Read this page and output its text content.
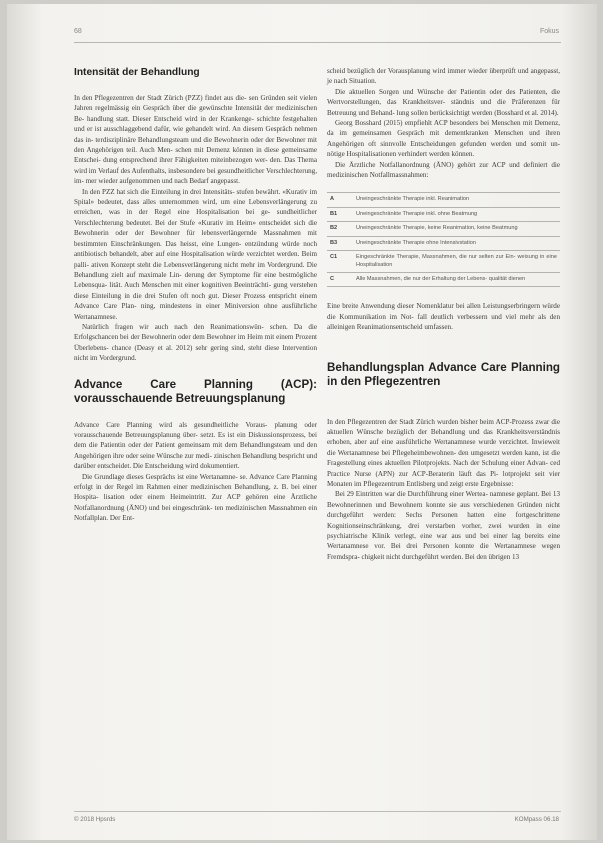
68	Fokus
Intensität der Behandlung

In den Pflegezentren der Stadt Zürich (PZZ) findet aus die- sen Gründen seit vielen Jahren regelmässig ein Gespräch über die gewünschte Intensität der medizinischen Be- handlung statt. Dieser Entscheid wird in der Krankenge- schichte festgehalten und er ist ausschlaggebend dafür, wie gehandelt wird. An diesem Gespräch nehmen das in- terdisziplinäre Behandlungsteam und die Bewohnerin oder der Bewohner mit den Angehörigen teil. Auch Men- schen mit Demenz können in diese gemeinsame Entschei- dung entsprechend ihrer Fähigkeiten miteinbezogen wer- den. Das Thema wird im Verlauf des Aufenthalts, insbesondere bei gesundheitlicher Verschlechterung, im- mer wieder aufgenommen und nach Bedarf angepasst.

In den PZZ hat sich die Einteilung in drei Intensitäts- stufen bewährt. «Kurativ im Spital» bedeutet, dass alles unternommen wird, um eine Lebensverlängerung zu erreichen, was in der Regel eine Hospitalisation bei ge- sundheitlicher Verschlechterung bedeutet. Bei der Stufe «Kurativ im Heim» entscheidet sich die Bewohnerin oder der Bewohner für lebensverlängernde Massnahmen mit bestimmten Einschränkungen. Das heisst, eine Lungen- entzündung würde noch antibiotisch behandelt, aber auf eine Hospitalisation würde verzichtet werden. Beim palli- ativen Konzept steht die Lebensverlängerung nicht mehr im Vordergrund. Die Behandlung zielt auf maximale Lin- derung der Symptome für eine bestmögliche Lebensqua- lität. Auch Menschen mit einer kognitiven Beeinträchti- gung verstehen diese Einteilung in die drei Stufen oft noch gut. Dieser Prozess entspricht einem Advance Care Plan- ning, mindestens in einer Miniversion ohne ausführliche Wertanamnese.

Natürlich fragen wir auch nach den Reanimationswün- schen. Da die Erfolgschancen bei der Bewohnerin oder dem Bewohner im Heim mit einem Prozent Überlebens- chance (Deasy et al. 2012) sehr gering sind, steht diese Intervention nicht im Vordergrund.

Advance Care Planning (ACP): vorausschauende Betreuungsplanung

Advance Care Planning wird als gesundheitliche Voraus- planung oder vorausschauende Betreuungsplanung über- setzt. Es ist ein Diskussionsprozess, bei dem die Patientin oder der Patient gemeinsam mit dem Behandlungsteam und den Angehörigen ihre oder seine Wünsche zur medi- zinischen Behandlung bespricht und darüber entscheidet. Die Entscheidung wird dokumentiert.

Die Grundlage dieses Gesprächs ist eine Wertanamne- se. Advance Care Planning erfolgt in der Regel im Rahmen einer medizinischen Behandlung, z. B. bei einer Hospita- lisation oder einem Heimeintritt. Zur ACP gehören eine Ärztliche Notfallanordnung (ÄNO) und bei eingeschränk- ten medizinischen Massnahmen ein Notfallplan. Der Ent-

scheid bezüglich der Vorausplanung wird immer wieder überprüft und angepasst, je nach Situation.

Die aktuellen Sorgen und Wünsche der Patientin oder des Patienten, die Wertvorstellungen, das Krankheitsver- ständnis und die Präferenzen für Betreuung und Behand- lung sollen berücksichtigt werden (Bosshard et al. 2014).

Georg Bosshard (2015) empfiehlt ACP besonders bei Menschen mit Demenz, da im gemeinsamen Gespräch mit dementkranken Menschen und ihren Angehörigen oft sinnvolle Entscheidungen gefunden werden und somit un- nötige Hospitalisationen verhindert werden können.

Die Ärztliche Notfallanordnung (ÄNO) gehört zur ACP und definiert die medizinischen Notfallmassnahmen:

A	Uneingeschränkte Therapie inkl. Reanimation
B1	Uneingeschränkte Therapie inkl. ohne Beatmung
B2	Uneingeschränkte Therapie, keine Reanimation, keine Beatmung
B3	Uneingeschränkte Therapie ohne Intensivstation
C1	Eingeschränkte Therapie, Massnahmen, die nur selten zur Ein- weisung in eine Hospitalisation
C	Alle Massnahmen, die nur der Erhaltung der Lebens- qualität dienen

Eine breite Anwendung dieser Nomenklatur bei allen Leistungserbringern würde die Kommunikation im Not- fall deutlich verbessern und viel mehr als den alleinigen Reanimationsentscheid umfassen.

Behandlungsplan Advance Care Planning in den Pflegezentren

In den Pflegezentren der Stadt Zürich wurden bisher beim ACP-Prozess zwar die aktuellen Wünsche bezüglich der Behandlung und das Krankheitsverständnis erhoben, aber auf eine ausführliche Wertanamnese wurde verzichtet. Inwieweit die Wertanamnese bei Pflegeheimbewohnen- den umgesetzt werden kann, ist die Fragestellung eines aktuellen Pilotprojekts. Nach der Schulung einer Advan- ced Practice Nurse (APN) zur ACP-Beraterin läuft das Pi- lotprojekt seit vier Monaten im Pflegezentrum Entlisberg und zeigt erste Ergebnisse:

Bei 29 Eintritten war die Durchführung einer Wertea- namnese geplant. Bei 13 Bewohnerinnen und Bewohnern konnte sie aus verschiedenen Gründen nicht durchgeführt werden: Sechs Personen hatten eine fortgeschrittene Kognitionseinschränkung, drei verstarben vorher, zwei wurden in eine psychiatrische Klinik verlegt, eine war aus und bei einer lag bereits eine Wertanamnese vor. Bei drei Personen konnte die Wertanamnese wegen Fremdspra- chigkeit nicht durchgeführt werden. Bei den übrigen 13

© 2018 Hpsrds	KOMpass 06.18
